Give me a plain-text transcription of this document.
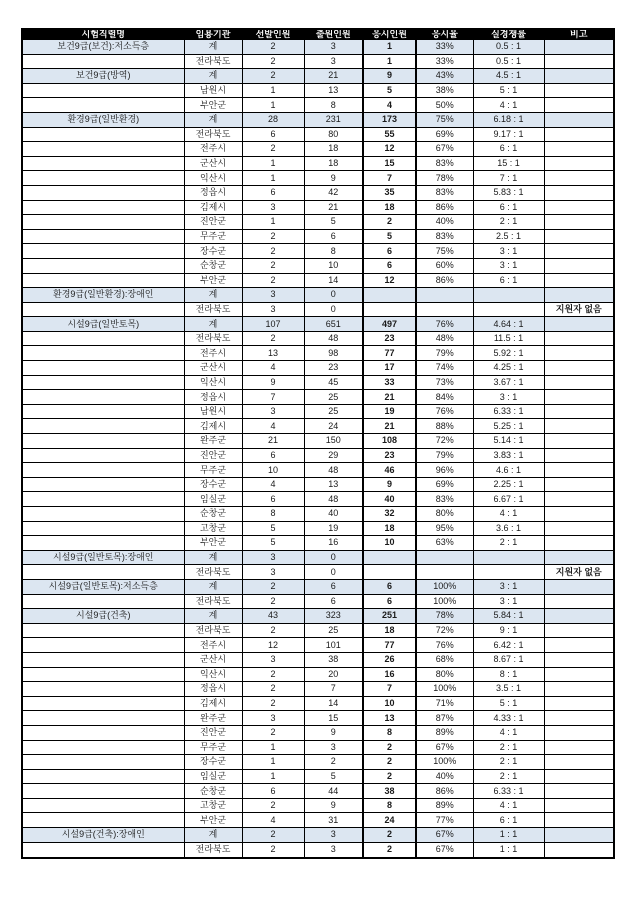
시험직렬명	임용기관	선발인원	출원인원	응시인원	응시율	실경쟁률	비고
보건9급(보건):저소득층	계	2	3	1	33%	0.5 : 1	
	전라북도	2	3	1	33%	0.5 : 1	
보건9급(방역)	계	2	21	9	43%	4.5 : 1	
	남원시	1	13	5	38%	5 : 1	
	부안군	1	8	4	50%	4 : 1	
환경9급(일반환경)	계	28	231	173	75%	6.18 : 1	
	전라북도	6	80	55	69%	9.17 : 1	
	전주시	2	18	12	67%	6 : 1	
	군산시	1	18	15	83%	15 : 1	
	익산시	1	9	7	78%	7 : 1	
	정읍시	6	42	35	83%	5.83 : 1	
	김제시	3	21	18	86%	6 : 1	
	진안군	1	5	2	40%	2 : 1	
	무주군	2	6	5	83%	2.5 : 1	
	장수군	2	8	6	75%	3 : 1	
	순창군	2	10	6	60%	3 : 1	
	부안군	2	14	12	86%	6 : 1	
환경9급(일반환경):장애인	계	3	0				
	전라북도	3	0				지원자 없음
시설9급(일반토목)	계	107	651	497	76%	4.64 : 1	
	전라북도	2	48	23	48%	11.5 : 1	
	전주시	13	98	77	79%	5.92 : 1	
	군산시	4	23	17	74%	4.25 : 1	
	익산시	9	45	33	73%	3.67 : 1	
	정읍시	7	25	21	84%	3 : 1	
	남원시	3	25	19	76%	6.33 : 1	
	김제시	4	24	21	88%	5.25 : 1	
	완주군	21	150	108	72%	5.14 : 1	
	진안군	6	29	23	79%	3.83 : 1	
	무주군	10	48	46	96%	4.6 : 1	
	장수군	4	13	9	69%	2.25 : 1	
	임실군	6	48	40	83%	6.67 : 1	
	순창군	8	40	32	80%	4 : 1	
	고창군	5	19	18	95%	3.6 : 1	
	부안군	5	16	10	63%	2 : 1	
시설9급(일반토목):장애인	계	3	0				
	전라북도	3	0				지원자 없음
시설9급(일반토목):저소득층	계	2	6	6	100%	3 : 1	
	전라북도	2	6	6	100%	3 : 1	
시설9급(건축)	계	43	323	251	78%	5.84 : 1	
	전라북도	2	25	18	72%	9 : 1	
	전주시	12	101	77	76%	6.42 : 1	
	군산시	3	38	26	68%	8.67 : 1	
	익산시	2	20	16	80%	8 : 1	
	정읍시	2	7	7	100%	3.5 : 1	
	김제시	2	14	10	71%	5 : 1	
	완주군	3	15	13	87%	4.33 : 1	
	진안군	2	9	8	89%	4 : 1	
	무주군	1	3	2	67%	2 : 1	
	장수군	1	2	2	100%	2 : 1	
	임실군	1	5	2	40%	2 : 1	
	순창군	6	44	38	86%	6.33 : 1	
	고창군	2	9	8	89%	4 : 1	
	부안군	4	31	24	77%	6 : 1	
시설9급(건축):장애인	계	2	3	2	67%	1 : 1	
	전라북도	2	3	2	67%	1 : 1	
